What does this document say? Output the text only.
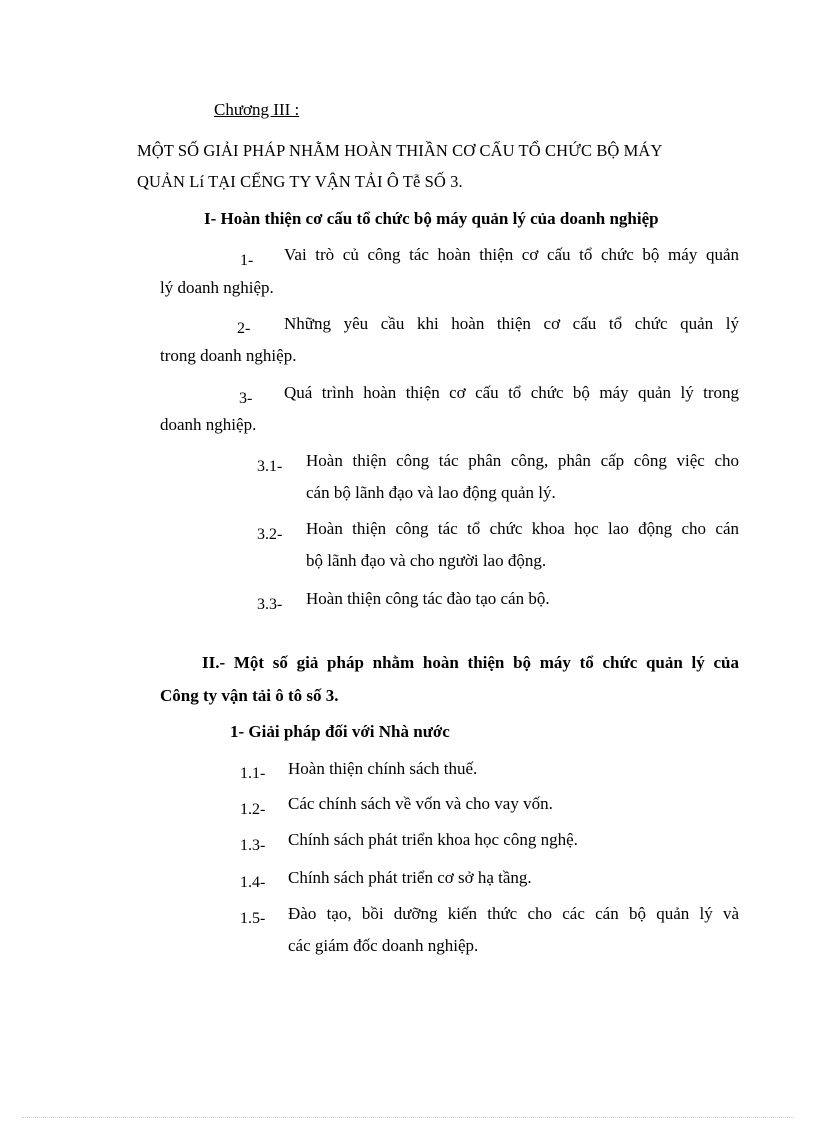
Chương III :
MỘT SỐ GIẢI PHÁP NHẰM HOÀN THIẦN CƠ CẤU TỔ CHỨC BỘ MÁY
QUẢN Lí TẠI CẾNG TY VẬN TẢI Ô Tễ SỐ 3.
I- Hoàn thiện cơ cấu tổ chức bộ máy quản lý của doanh nghiệp
1- Vai trò củ công tác hoàn thiện cơ cấu tổ chức bộ máy quản
lý doanh nghiệp.
2- Những yêu cầu khi hoàn thiện cơ cấu tổ chức quản lý
trong doanh nghiệp.
3- Quá trình hoàn thiện cơ cấu tổ chức bộ máy quản lý trong
doanh nghiệp.
3.1- Hoàn thiện công tác phân công, phân cấp công việc cho
cán bộ lãnh đạo và lao động quản lý.
3.2- Hoàn thiện công tác tổ chức khoa học lao động cho cán
bộ lãnh đạo và cho người lao động.
3.3- Hoàn thiện công tác đào tạo cán bộ.
II.- Một số giả pháp nhằm hoàn thiện bộ máy tổ chức quản lý của
Công ty vận tải ô tô số 3.
1- Giải pháp đối với Nhà nước
1.1- Hoàn thiện chính sách thuế.
1.2- Các chính sách về vốn và cho vay vốn.
1.3- Chính sách phát triển khoa học công nghệ.
1.4- Chính sách phát triển cơ sở hạ tầng.
1.5- Đào tạo, bồi dưỡng kiến thức cho các cán bộ quản lý và
các giám đốc doanh nghiệp.
